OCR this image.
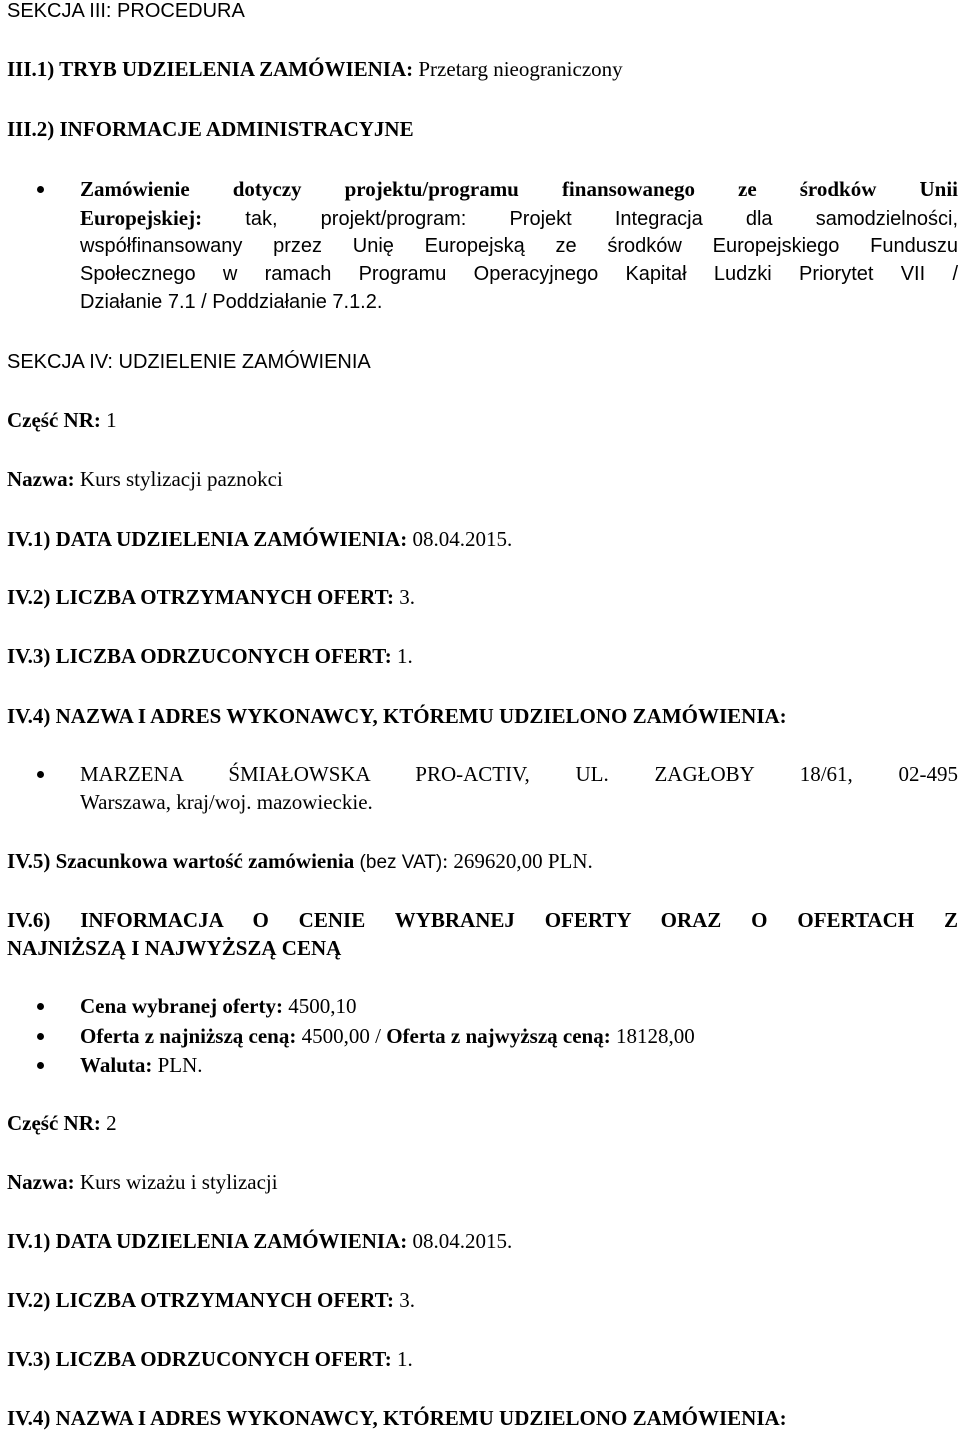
SEKCJA III: PROCEDURA
III.1) TRYB UDZIELENIA ZAMÓWIENIA: Przetarg nieograniczony
III.2) INFORMACJE ADMINISTRACYJNE
Zamówienie dotyczy projektu/programu finansowanego ze środków Unii
Europejskiej: tak, projekt/program: Projekt Integracja dla samodzielności,
współfinansowany przez Unię Europejską ze środków Europejskiego Funduszu
Społecznego w ramach Programu Operacyjnego Kapitał Ludzki Priorytet VII /
Działanie 7.1 / Poddziałanie 7.1.2.
SEKCJA IV: UDZIELENIE ZAMÓWIENIA
Część NR: 1
Nazwa: Kurs stylizacji paznokci
IV.1) DATA UDZIELENIA ZAMÓWIENIA: 08.04.2015.
IV.2) LICZBA OTRZYMANYCH OFERT: 3.
IV.3) LICZBA ODRZUCONYCH OFERT: 1.
IV.4) NAZWA I ADRES WYKONAWCY, KTÓREMU UDZIELONO ZAMÓWIENIA:
MARZENA ŚMIAŁOWSKA PRO-ACTIV, UL. ZAGŁOBY 18/61, 02-495
Warszawa, kraj/woj. mazowieckie.
IV.5) Szacunkowa wartość zamówienia (bez VAT): 269620,00 PLN.
IV.6) INFORMACJA O CENIE WYBRANEJ OFERTY ORAZ O OFERTACH Z
NAJNIŻSZĄ I NAJWYŻSZĄ CENĄ
Cena wybranej oferty: 4500,10
Oferta z najniższą ceną: 4500,00 / Oferta z najwyższą ceną: 18128,00
Waluta: PLN.
Część NR: 2
Nazwa: Kurs wizażu i stylizacji
IV.1) DATA UDZIELENIA ZAMÓWIENIA: 08.04.2015.
IV.2) LICZBA OTRZYMANYCH OFERT: 3.
IV.3) LICZBA ODRZUCONYCH OFERT: 1.
IV.4) NAZWA I ADRES WYKONAWCY, KTÓREMU UDZIELONO ZAMÓWIENIA:
